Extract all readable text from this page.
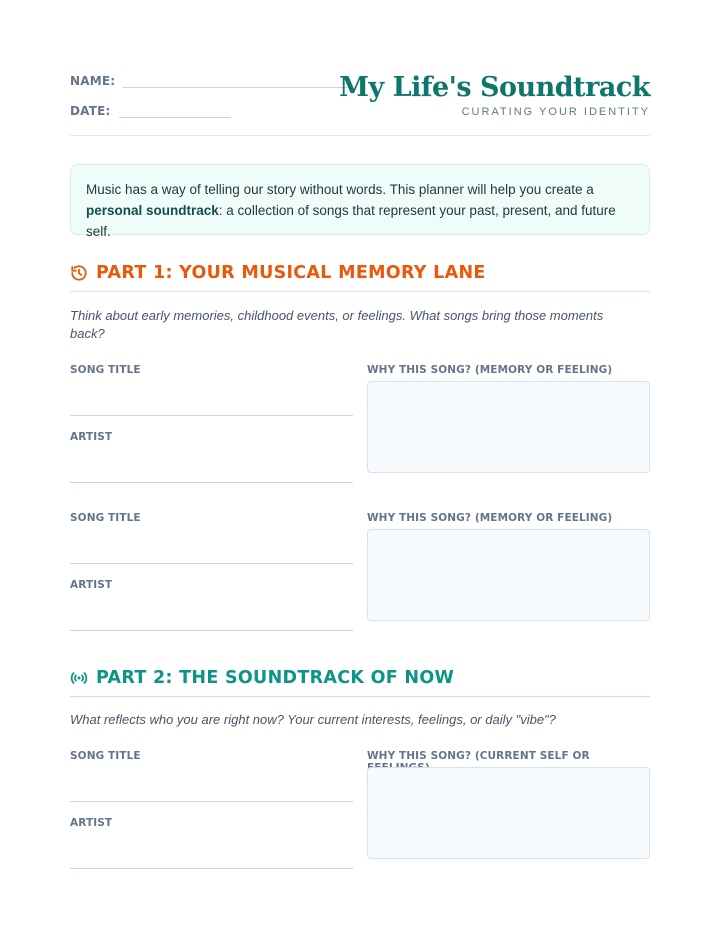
NAME:
DATE:
My Life's Soundtrack
CURATING YOUR IDENTITY
Music has a way of telling our story without words. This planner will help you create a personal soundtrack: a collection of songs that represent your past, present, and future self.
PART 1: YOUR MUSICAL MEMORY LANE
Think about early memories, childhood events, or feelings. What songs bring those moments back?
SONG TITLE	WHY THIS SONG? (MEMORY OR FEELING)
ARTIST
SONG TITLE	WHY THIS SONG? (MEMORY OR FEELING)
ARTIST
PART 2: THE SOUNDTRACK OF NOW
What reflects who you are right now? Your current interests, feelings, or daily "vibe"?
SONG TITLE	WHY THIS SONG? (CURRENT SELF OR
ARTIST
